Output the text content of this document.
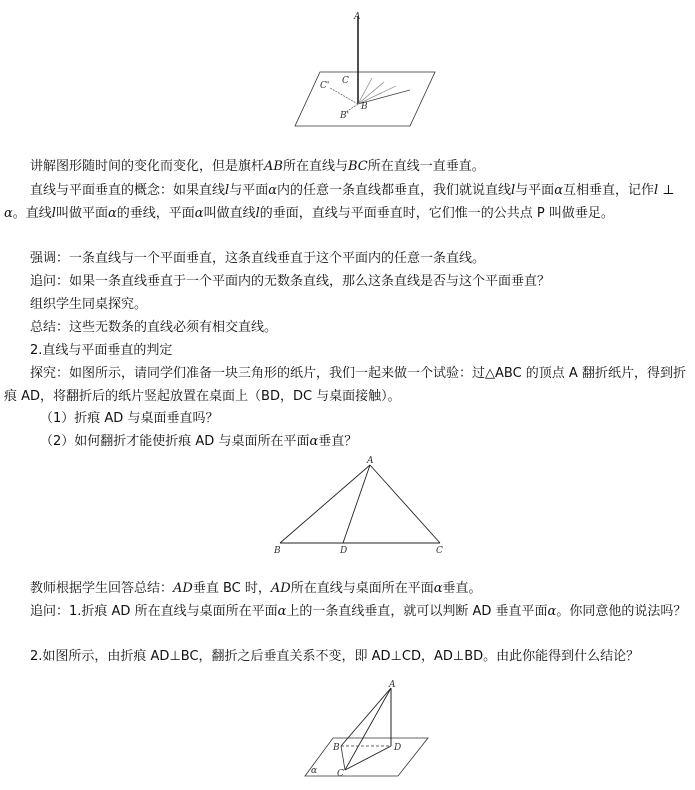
A
C' C
B
B'

讲解图形随时间的变化而变化，但是旗杆AB所在直线与BC所在直线一直垂直。

直线与平面垂直的概念：如果直线l与平面α内的任意一条直线都垂直，我们就说直线l与平面α互相垂直，记作l ⊥ α。直线l叫做平面α的垂线，平面α叫做直线l的垂面，直线与平面垂直时，它们惟一的公共点 P 叫做垂足。

强调：一条直线与一个平面垂直，这条直线垂直于这个平面内的任意一条直线。

追问：如果一条直线垂直于一个平面内的无数条直线，那么这条直线是否与这个平面垂直？

组织学生同桌探究。

总结：这些无数条的直线必须有相交直线。

2.直线与平面垂直的判定

探究：如图所示，请同学们准备一块三角形的纸片，我们一起来做一个试验：过△ABC 的顶点 A 翻折纸片，得到折痕 AD，将翻折后的纸片竖起放置在桌面上（BD，DC 与桌面接触）。

（1）折痕 AD 与桌面垂直吗？

（2）如何翻折才能使折痕 AD 与桌面所在平面α垂直？

A
B	D	C

教师根据学生回答总结：AD垂直 BC 时，AD所在直线与桌面所在平面α垂直。

追问：1.折痕 AD 所在直线与桌面所在平面α上的一条直线垂直，就可以判断 AD 垂直平面α。你同意他的说法吗？

2.如图所示，由折痕 AD⊥BC，翻折之后垂直关系不变，即 AD⊥CD，AD⊥BD。由此你能得到什么结论？

A
B	D
C
α
